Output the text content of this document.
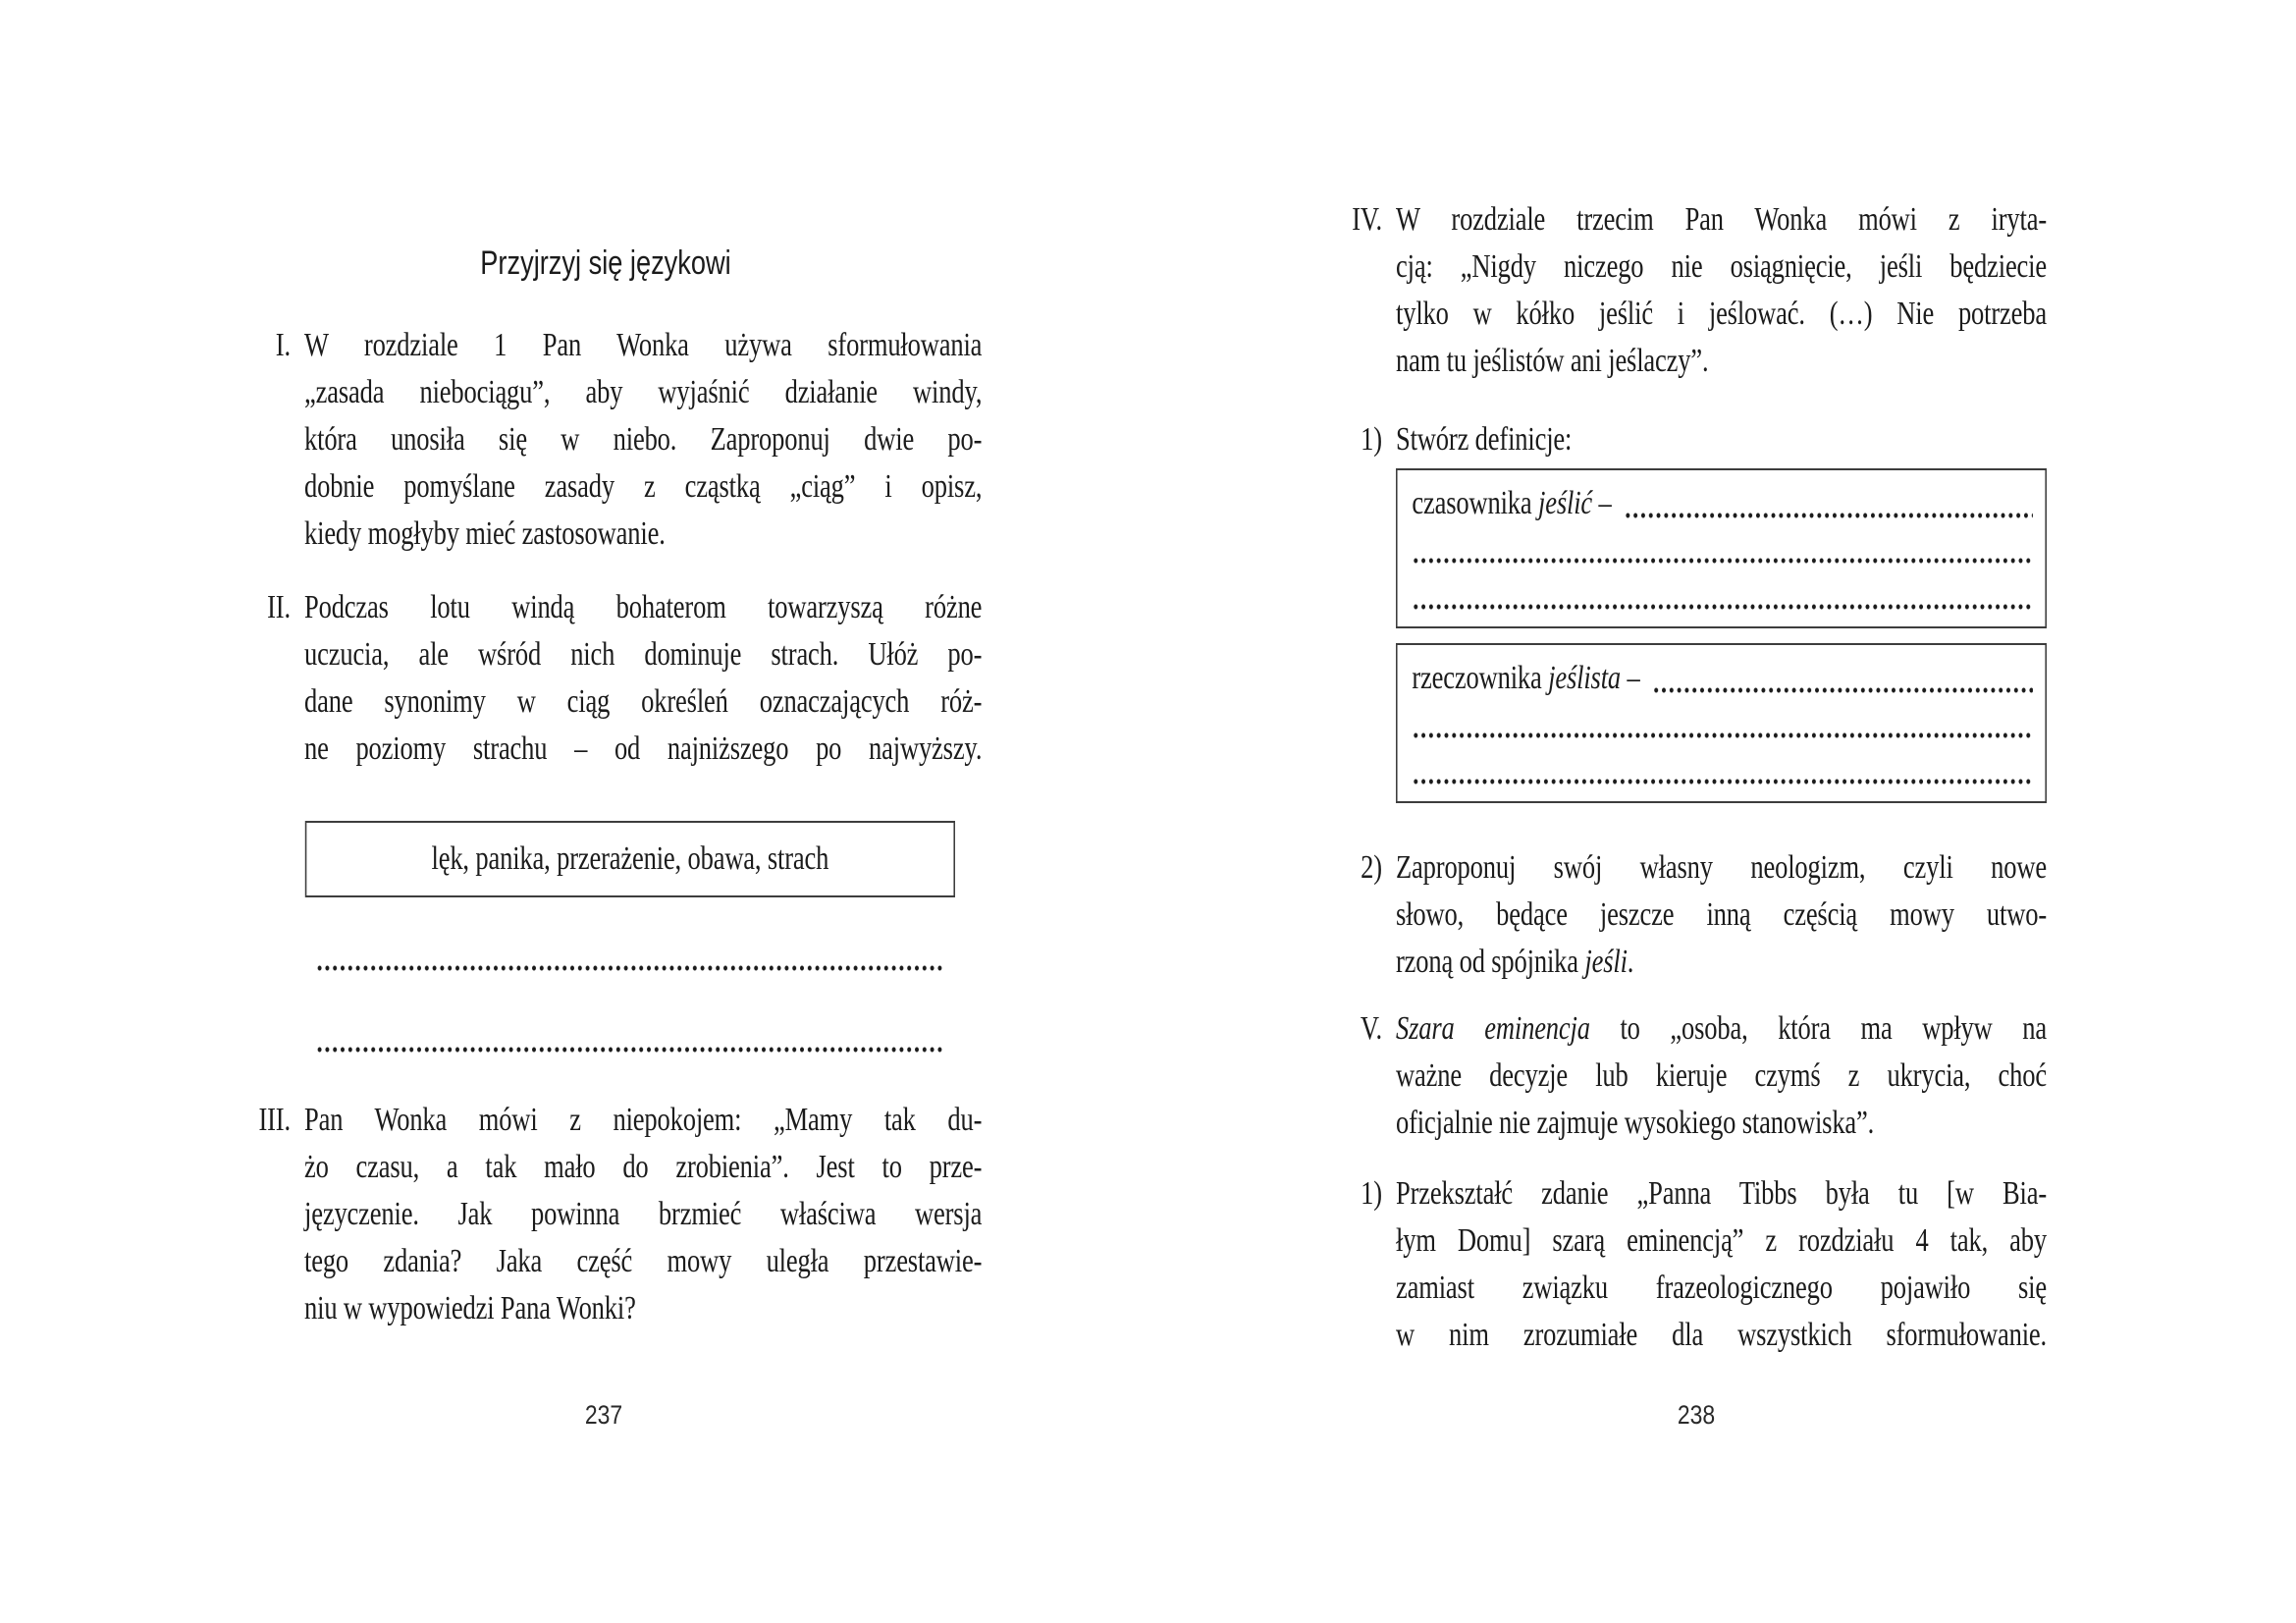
Przyjrzyj się językowi
I. W rozdziale 1 Pan Wonka używa sformułowania
„zasada niebociągu”, aby wyjaśnić działanie windy,
która unosiła się w niebo. Zaproponuj dwie po-
dobnie pomyślane zasady z cząstką „ciąg” i opisz,
kiedy mogłyby mieć zastosowanie.
II. Podczas lotu windą bohaterom towarzyszą różne
uczucia, ale wśród nich dominuje strach. Ułóż po-
dane synonimy w ciąg określeń oznaczających róż-
ne poziomy strachu – od najniższego po najwyższy.
lęk, panika, przerażenie, obawa, strach
III. Pan Wonka mówi z niepokojem: „Mamy tak du-
żo czasu, a tak mało do zrobienia”. Jest to prze-
języczenie. Jak powinna brzmieć właściwa wersja
tego zdania? Jaka część mowy uległa przestawie-
niu w wypowiedzi Pana Wonki?
237
IV. W rozdziale trzecim Pan Wonka mówi z iryta-
cją: „Nigdy niczego nie osiągnięcie, jeśli będziecie
tylko w kółko jeślić i jeślować. (…) Nie potrzeba
nam tu jeślistów ani jeślaczy”.
1) Stwórz definicje:
czasownika jeślić –
rzeczownika jeślista –
2) Zaproponuj swój własny neologizm, czyli nowe
słowo, będące jeszcze inną częścią mowy utwo-
rzoną od spójnika jeśli.
V. Szara eminencja to „osoba, która ma wpływ na
ważne decyzje lub kieruje czymś z ukrycia, choć
oficjalnie nie zajmuje wysokiego stanowiska”.
1) Przekształć zdanie „Panna Tibbs była tu [w Bia-
łym Domu] szarą eminencją” z rozdziału 4 tak, aby
zamiast związku frazeologicznego pojawiło się
w nim zrozumiałe dla wszystkich sformułowanie.
238
